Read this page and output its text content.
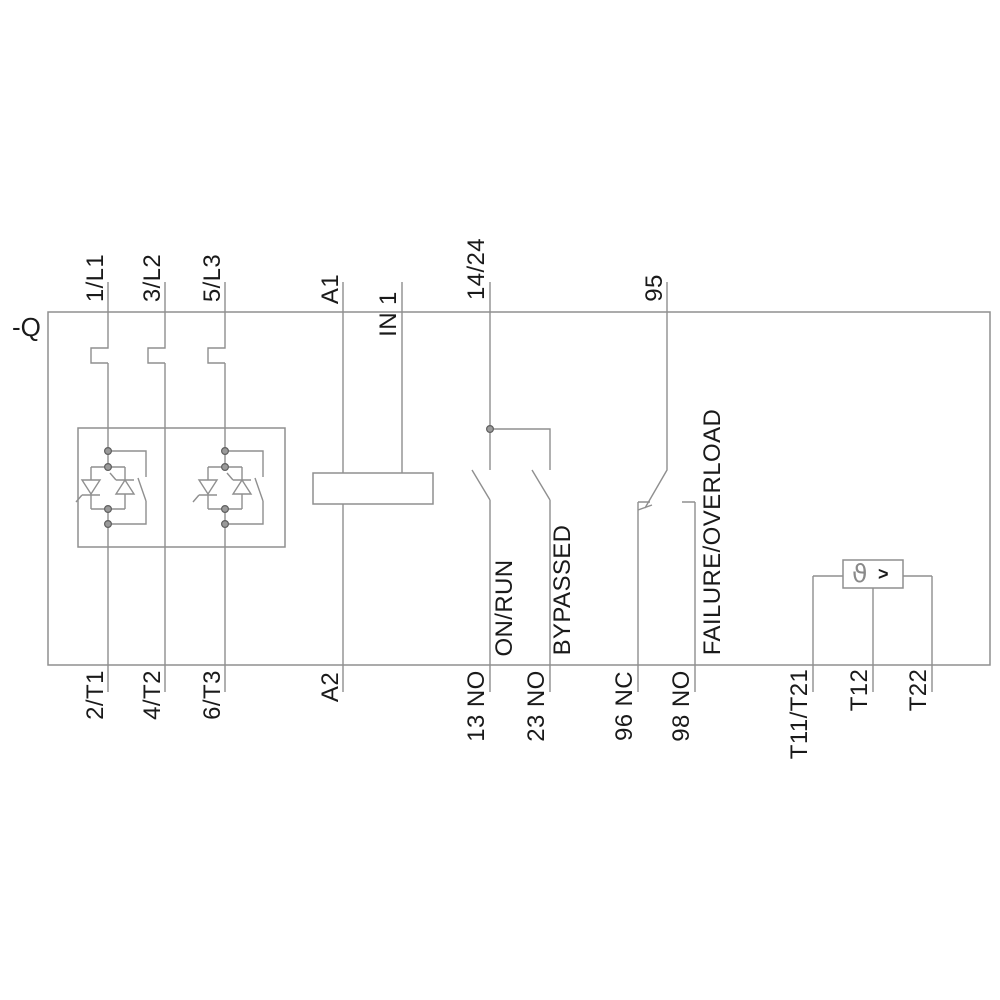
-Q
1/L1 3/L2 5/L3	A1
IN 1
14/24	95
2/T1 4/T2 6/T3	A2	13 NO 23 NO	96 NC 98 NO	T11/T21 T12 T22
ON/RUN BYPASSED	FAILURE/OVERLOAD	ϑ >
